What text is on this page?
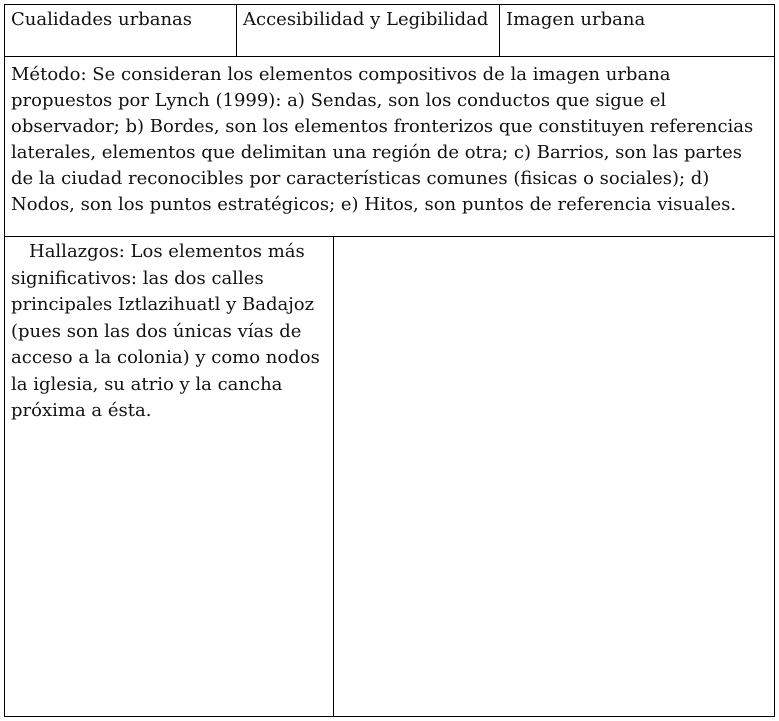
Cualidades urbanas	Accesibilidad y Legibilidad Imagen urbana
Método: Se consideran los elementos compositivos de la imagen urbana propuestos por Lynch (1999): a) Sendas, son los conductos que sigue el observador; b) Bordes, son los elementos fronterizos que constituyen referencias laterales, elementos que delimitan una región de otra; c) Barrios, son las partes de la ciudad reconocibles por características comunes (fisicas o sociales); d) Nodos, son los puntos estratégicos; e) Hitos, son puntos de referencia visuales.
Hallazgos: Los elementos más significativos: las dos calles principales Iztlazihuatl y Badajoz (pues son las dos únicas vías de acceso a la colonia) y como nodos la iglesia, su atrio y la cancha próxima a ésta.
